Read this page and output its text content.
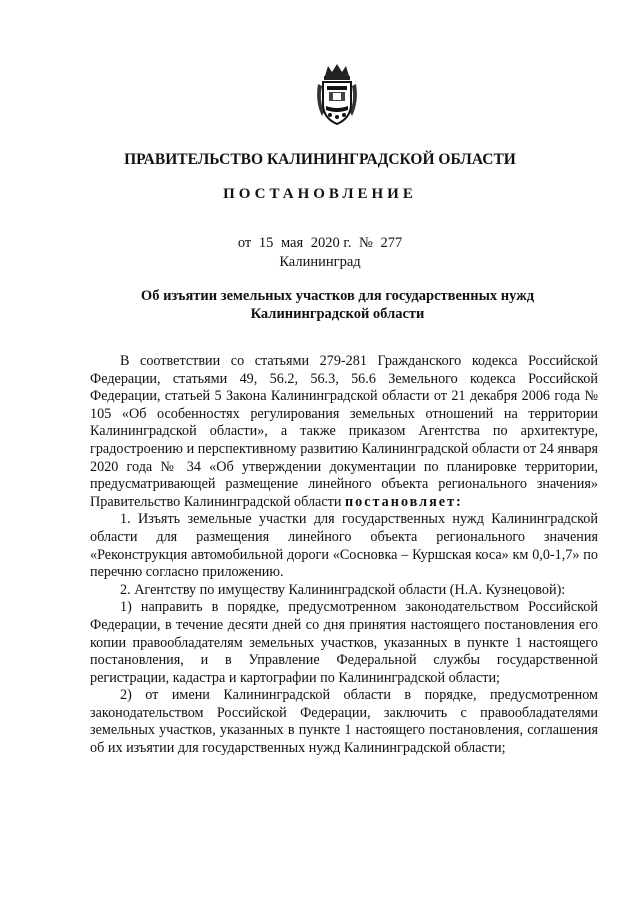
ПРАВИТЕЛЬСТВО КАЛИНИНГРАДСКОЙ ОБЛАСТИ
ПОСТАНОВЛЕНИЕ
от 15 мая 2020 г. № 277
Калининград
Об изъятии земельных участков для государственных нужд Калининградской области

В соответствии со статьями 279-281 Гражданского кодекса Российской Федерации, статьями 49, 56.2, 56.3, 56.6 Земельного кодекса Российской Федерации, статьей 5 Закона Калининградской области от 21 декабря 2006 года № 105 «Об особенностях регулирования земельных отношений на территории Калининградской области», а также приказом Агентства по архитектуре, градостроению и перспективному развитию Калининградской области от 24 января 2020 года № 34 «Об утверждении документации по планировке территории, предусматривающей размещение линейного объекта регионального значения» Правительство Калининградской области постановляет:

1. Изъять земельные участки для государственных нужд Калининградской области для размещения линейного объекта регионального значения «Реконструкция автомобильной дороги «Сосновка – Куршская коса» км 0,0-1,7» по перечню согласно приложению.

2. Агентству по имуществу Калининградской области (Н.А. Кузнецовой):

1) направить в порядке, предусмотренном законодательством Российской Федерации, в течение десяти дней со дня принятия настоящего постановления его копии правообладателям земельных участков, указанных в пункте 1 настоящего постановления, и в Управление Федеральной службы государственной регистрации, кадастра и картографии по Калининградской области;

2) от имени Калининградской области в порядке, предусмотренном законодательством Российской Федерации, заключить с правообладателями земельных участков, указанных в пункте 1 настоящего постановления, соглашения об их изъятии для государственных нужд Калининградской области;
